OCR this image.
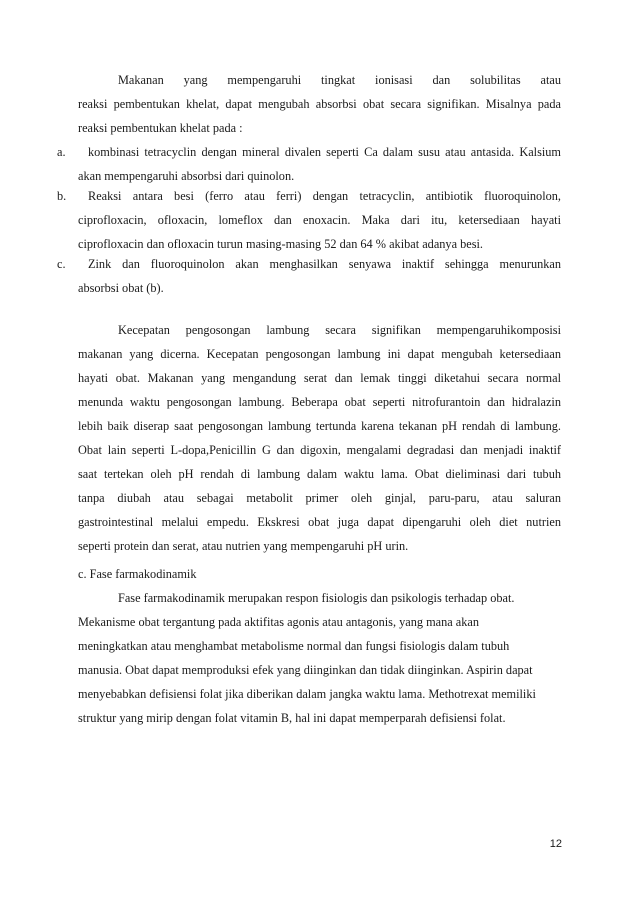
Makanan yang mempengaruhi tingkat ionisasi dan solubilitas atau
reaksi pembentukan khelat, dapat mengubah absorbsi obat secara signifikan. Misalnya pada
reaksi pembentukan khelat pada :
a.	kombinasi tetracyclin dengan mineral divalen seperti Ca dalam susu atau antasida. Kalsium
akan mempengaruhi absorbsi dari quinolon.
b.	Reaksi antara besi (ferro atau ferri) dengan tetracyclin, antibiotik fluoroquinolon,
ciprofloxacin, ofloxacin, lomeflox dan enoxacin. Maka dari itu, ketersediaan hayati
ciprofloxacin dan ofloxacin turun masing-masing 52 dan 64 % akibat adanya besi.
c.	Zink dan fluoroquinolon akan menghasilkan senyawa inaktif sehingga menurunkan
absorbsi obat (b).
Kecepatan pengosongan lambung secara signifikan mempengaruhikomposisi
makanan yang dicerna. Kecepatan pengosongan lambung ini dapat mengubah ketersediaan
hayati obat. Makanan yang mengandung serat dan lemak tinggi diketahui secara normal
menunda waktu pengosongan lambung. Beberapa obat seperti nitrofurantoin dan hidralazin
lebih baik diserap saat pengosongan lambung tertunda karena tekanan pH rendah di lambung.
Obat lain seperti L-dopa,Penicillin G dan digoxin, mengalami degradasi dan menjadi inaktif
saat tertekan oleh pH rendah di lambung dalam waktu lama. Obat dieliminasi dari tubuh
tanpa diubah atau sebagai metabolit primer oleh ginjal, paru-paru, atau saluran
gastrointestinal melalui empedu. Ekskresi obat juga dapat dipengaruhi oleh diet nutrien
seperti protein dan serat, atau nutrien yang mempengaruhi pH urin.
c. Fase farmakodinamik
Fase farmakodinamik merupakan respon fisiologis dan psikologis terhadap obat.
Mekanisme obat tergantung pada aktifitas agonis atau antagonis, yang mana akan
meningkatkan atau menghambat metabolisme normal dan fungsi fisiologis dalam tubuh
manusia. Obat dapat memproduksi efek yang diinginkan dan tidak diinginkan. Aspirin dapat
menyebabkan defisiensi folat jika diberikan dalam jangka waktu lama. Methotrexat memiliki
struktur yang mirip dengan folat vitamin B, hal ini dapat memperparah defisiensi folat.
12
